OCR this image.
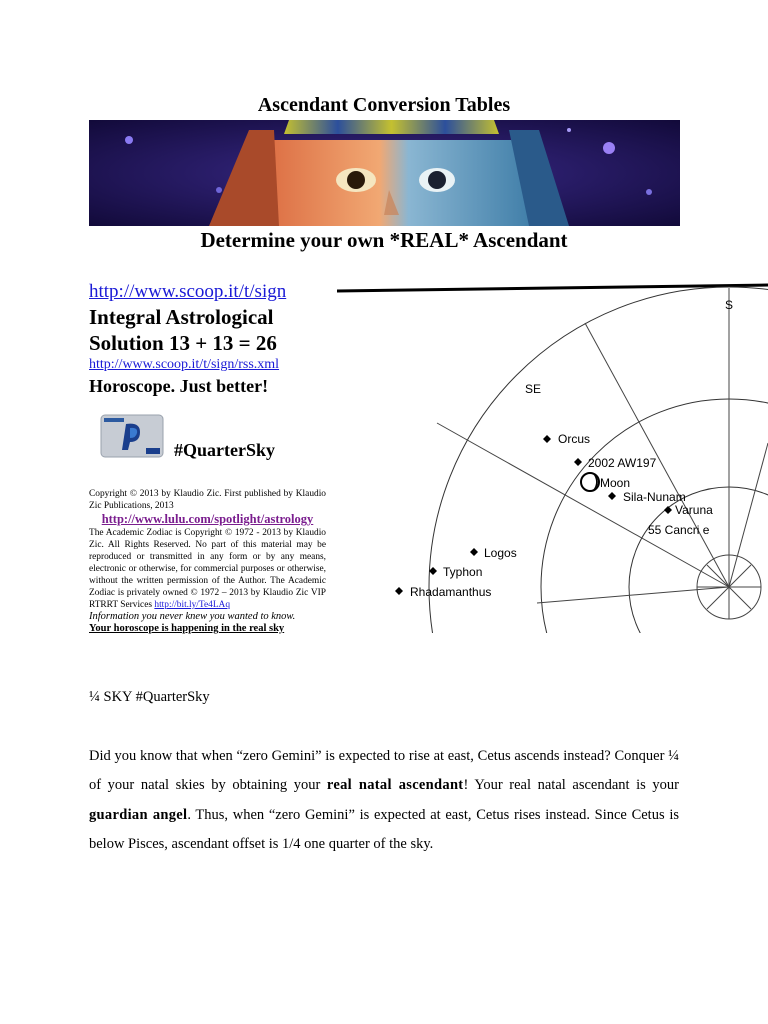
Ascendant Conversion Tables
Determine your own *REAL* Ascendant
http://www.scoop.it/t/sign
Integral Astrological
Solution 13 + 13 = 26
http://www.scoop.it/t/sign/rss.xml
Horoscope. Just better!
#QuarterSky
Copyright © 2013 by Klaudio Zic. First published by Klaudio Zic Publications, 2013
http://www.lulu.com/spotlight/astrology
The Academic Zodiac is Copyright © 1972 - 2013 by Klaudio Zic. All Rights Reserved. No part of this material may be reproduced or transmitted in any form or by any means, electronic or otherwise, for commercial purposes or otherwise, without the written permission of the Author. The Academic Zodiac is privately owned © 1972 – 2013 by Klaudio Zic VIP RTRRT Services http://bit.ly/Te4LAq
Information you never knew you wanted to know.
Your horoscope is happening in the real sky
S
SE
Orcus
2002 AW197
Moon
Sila-Nunam
Varuna
55 Cancri e
Logos
Typhon
Rhadamanthus
¼ SKY #QuarterSky
Did you know that when “zero Gemini” is expected to rise at east, Cetus ascends instead? Conquer ¼ of your natal skies by obtaining your real natal ascendant! Your real natal ascendant is your guardian angel. Thus, when “zero Gemini” is expected at east, Cetus rises instead. Since Cetus is below Pisces, ascendant offset is 1/4 one quarter of the sky.
